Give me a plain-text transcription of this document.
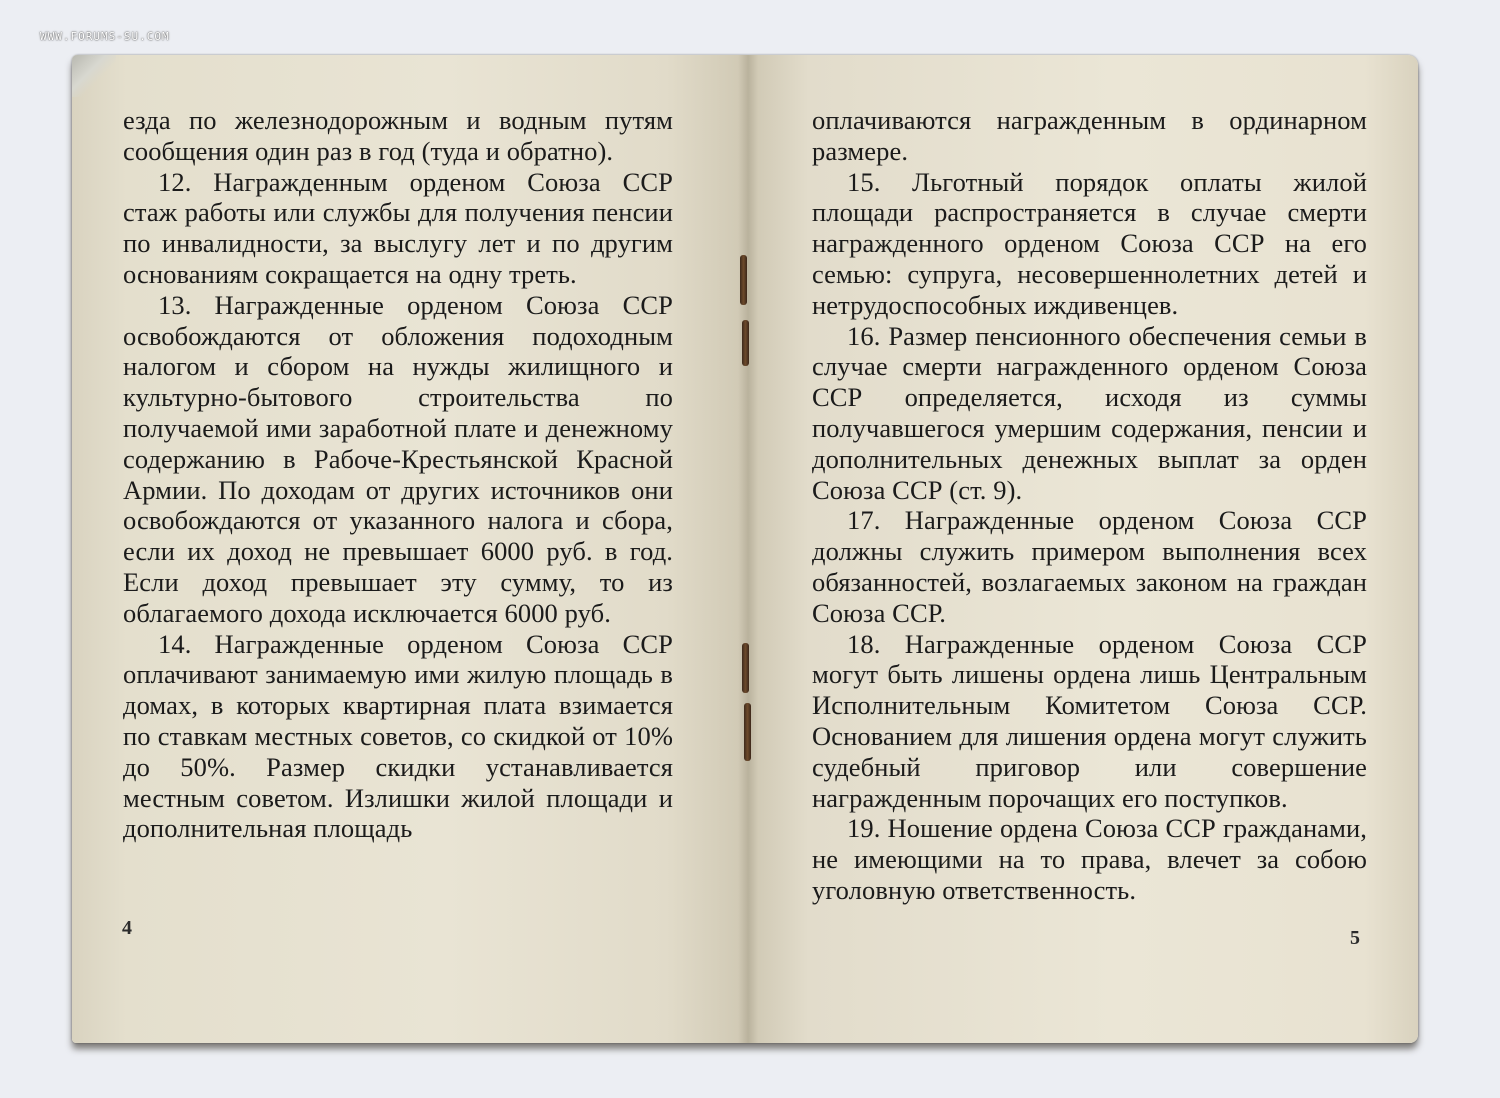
WWW.FORUMS-SU.COM

езда по железнодорожным и водным путям сообщения один раз в год (туда и обратно).

12. Награжденным орденом Союза ССР стаж работы или службы для получения пенсии по инвалидности, за выслугу лет и по другим основаниям сокращается на одну треть.

13. Награжденные орденом Союза ССР освобождаются от обложения подоходным налогом и сбором на нужды жилищного и культурно-бытового строительства по получаемой ими заработной плате и денежному содержанию в Рабоче-Крестьянской Красной Армии. По доходам от других источников они освобождаются от указанного налога и сбора, если их доход не превышает 6000 руб. в год. Если доход превышает эту сумму, то из облагаемого дохода исключается 6000 руб.

14. Награжденные орденом Союза ССР оплачивают занимаемую ими жилую площадь в домах, в которых квартирная плата взимается по ставкам местных советов, со скидкой от 10% до 50%. Размер скидки устанавливается местным советом. Излишки жилой площади и дополнительная площадь

4

оплачиваются награжденным в ординарном размере.

15. Льготный порядок оплаты жилой площади распространяется в случае смерти награжденного орденом Союза ССР на его семью: супруга, несовершеннолетних детей и нетрудоспособных иждивенцев.

16. Размер пенсионного обеспечения семьи в случае смерти награжденного орденом Союза ССР определяется, исходя из суммы получавшегося умершим содержания, пенсии и дополнительных денежных выплат за орден Союза ССР (ст. 9).

17. Награжденные орденом Союза ССР должны служить примером выполнения всех обязанностей, возлагаемых законом на граждан Союза ССР.

18. Награжденные орденом Союза ССР могут быть лишены ордена лишь Центральным Исполнительным Комитетом Союза ССР. Основанием для лишения ордена могут служить судебный приговор или совершение награжденным порочащих его поступков.

19. Ношение ордена Союза ССР гражданами, не имеющими на то права, влечет за собою уголовную ответственность.

5
